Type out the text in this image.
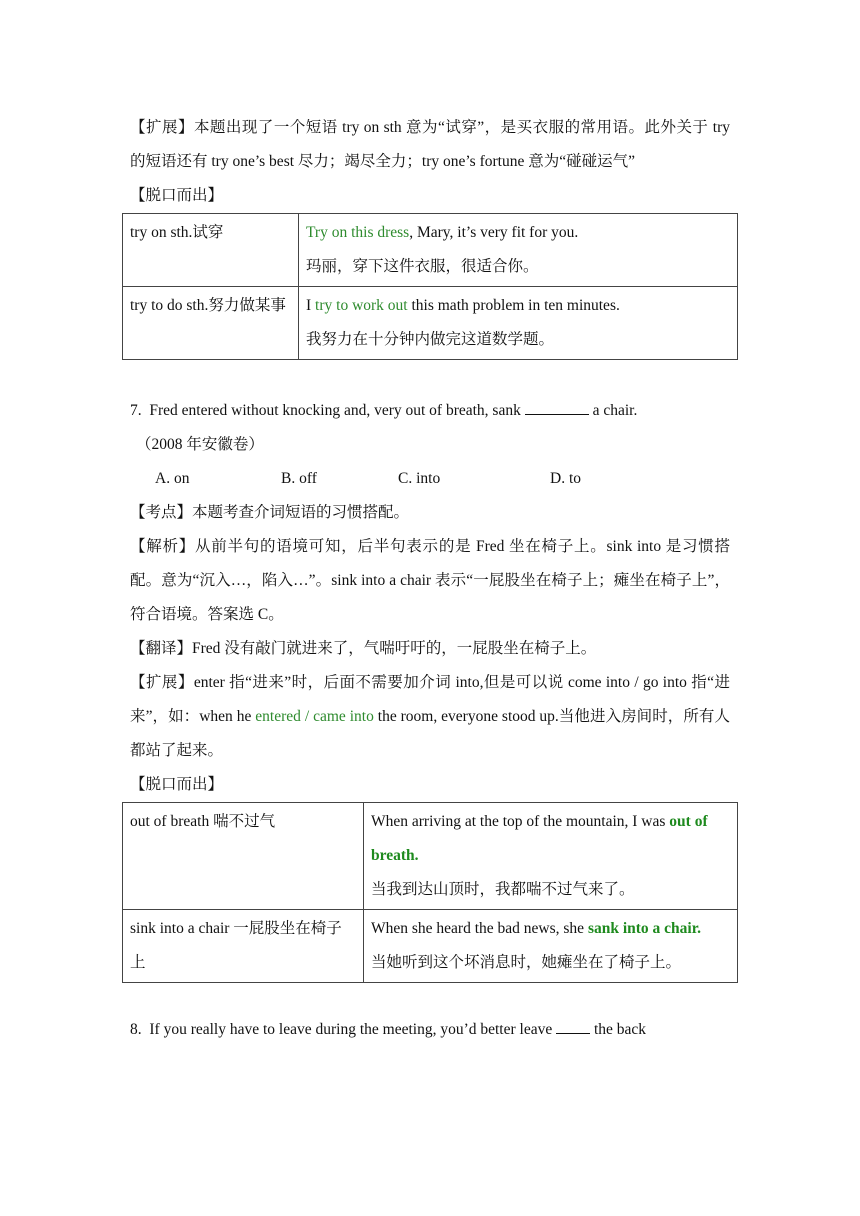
【扩展】本题出现了一个短语 try on sth 意为“试穿”，是买衣服的常用语。此外关于 try 的短语还有 try one’s best 尽力；竭尽全力；try one’s fortune 意为“碰碰运气”

【脱口而出】

try on sth.试穿	Try on this dress, Mary, it’s very fit for you.
玛丽，穿下这件衣服，很适合你。

try to do sth.努力做某事	I try to work out this math problem in ten minutes.
我努力在十分钟内做完这道数学题。

7. Fred entered without knocking and, very out of breath, sank	a chair.

（2008 年安徽卷）

A. on	B. off	C. into	D. to

【考点】本题考查介词短语的习惯搭配。

【解析】从前半句的语境可知，后半句表示的是 Fred 坐在椅子上。sink into 是习惯搭配。意为“沉入…，陷入…”。sink into a chair 表示“一屁股坐在椅子上；瘫坐在椅子上”，符合语境。答案选 C。

【翻译】Fred 没有敲门就进来了，气喘吁吁的，一屁股坐在椅子上。

【扩展】enter 指“进来”时，后面不需要加介词 into,但是可以说 come into / go into 指“进来”，如：when he entered / came into the room, everyone stood up.当他进入房间时，所有人都站了起来。

【脱口而出】

out of breath 喘不过气	When arriving at the top of the mountain, I was out of breath.
当我到达山顶时，我都喘不过气来了。

sink into a chair 一屁股坐在椅子上	When she heard the bad news, she sank into a chair.
当她听到这个坏消息时，她瘫坐在了椅子上。

8. If you really have to leave during the meeting, you’d better leave	the back
